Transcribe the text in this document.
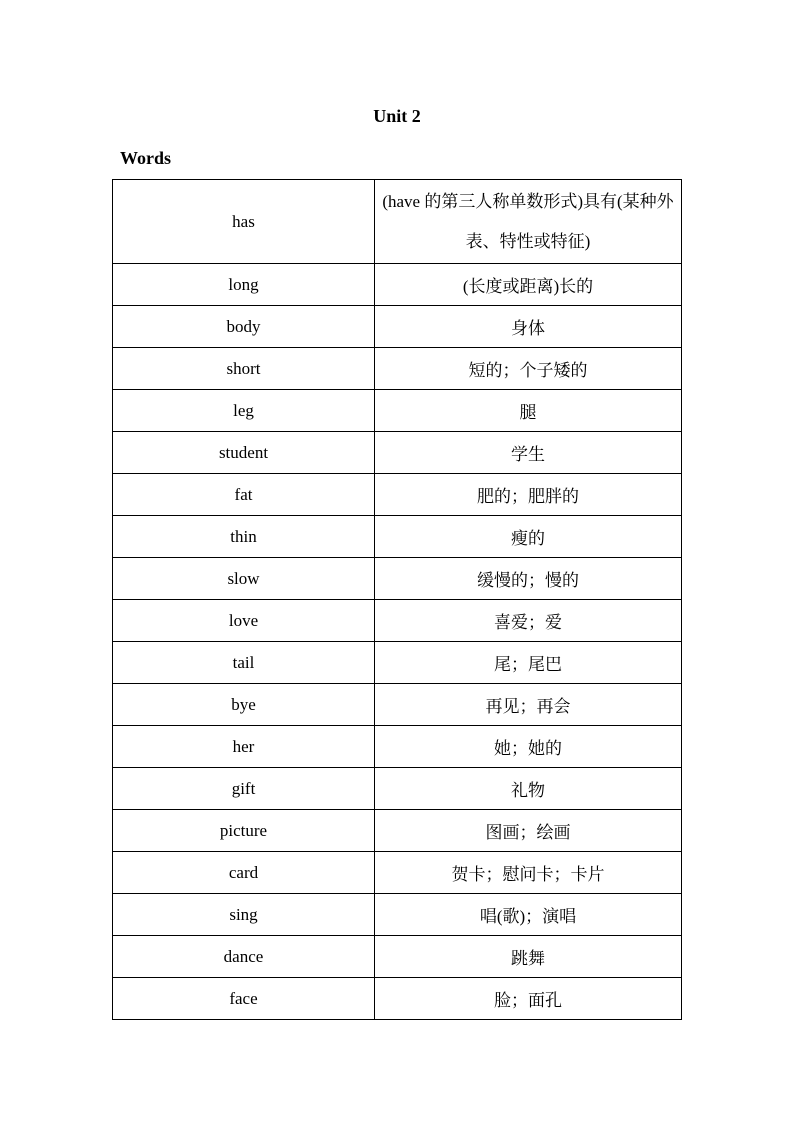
Unit 2
Words
has	(have 的第三人称单数形式)具有(某种外表、特性或特征)
long	(长度或距离)长的
body	身体
short	短的；个子矮的
leg	腿
student	学生
fat	肥的；肥胖的
thin	瘦的
slow	缓慢的；慢的
love	喜爱；爱
tail	尾；尾巴
bye	再见；再会
her	她；她的
gift	礼物
picture	图画；绘画
card	贺卡；慰问卡；卡片
sing	唱(歌)；演唱
dance	跳舞
face	脸；面孔
